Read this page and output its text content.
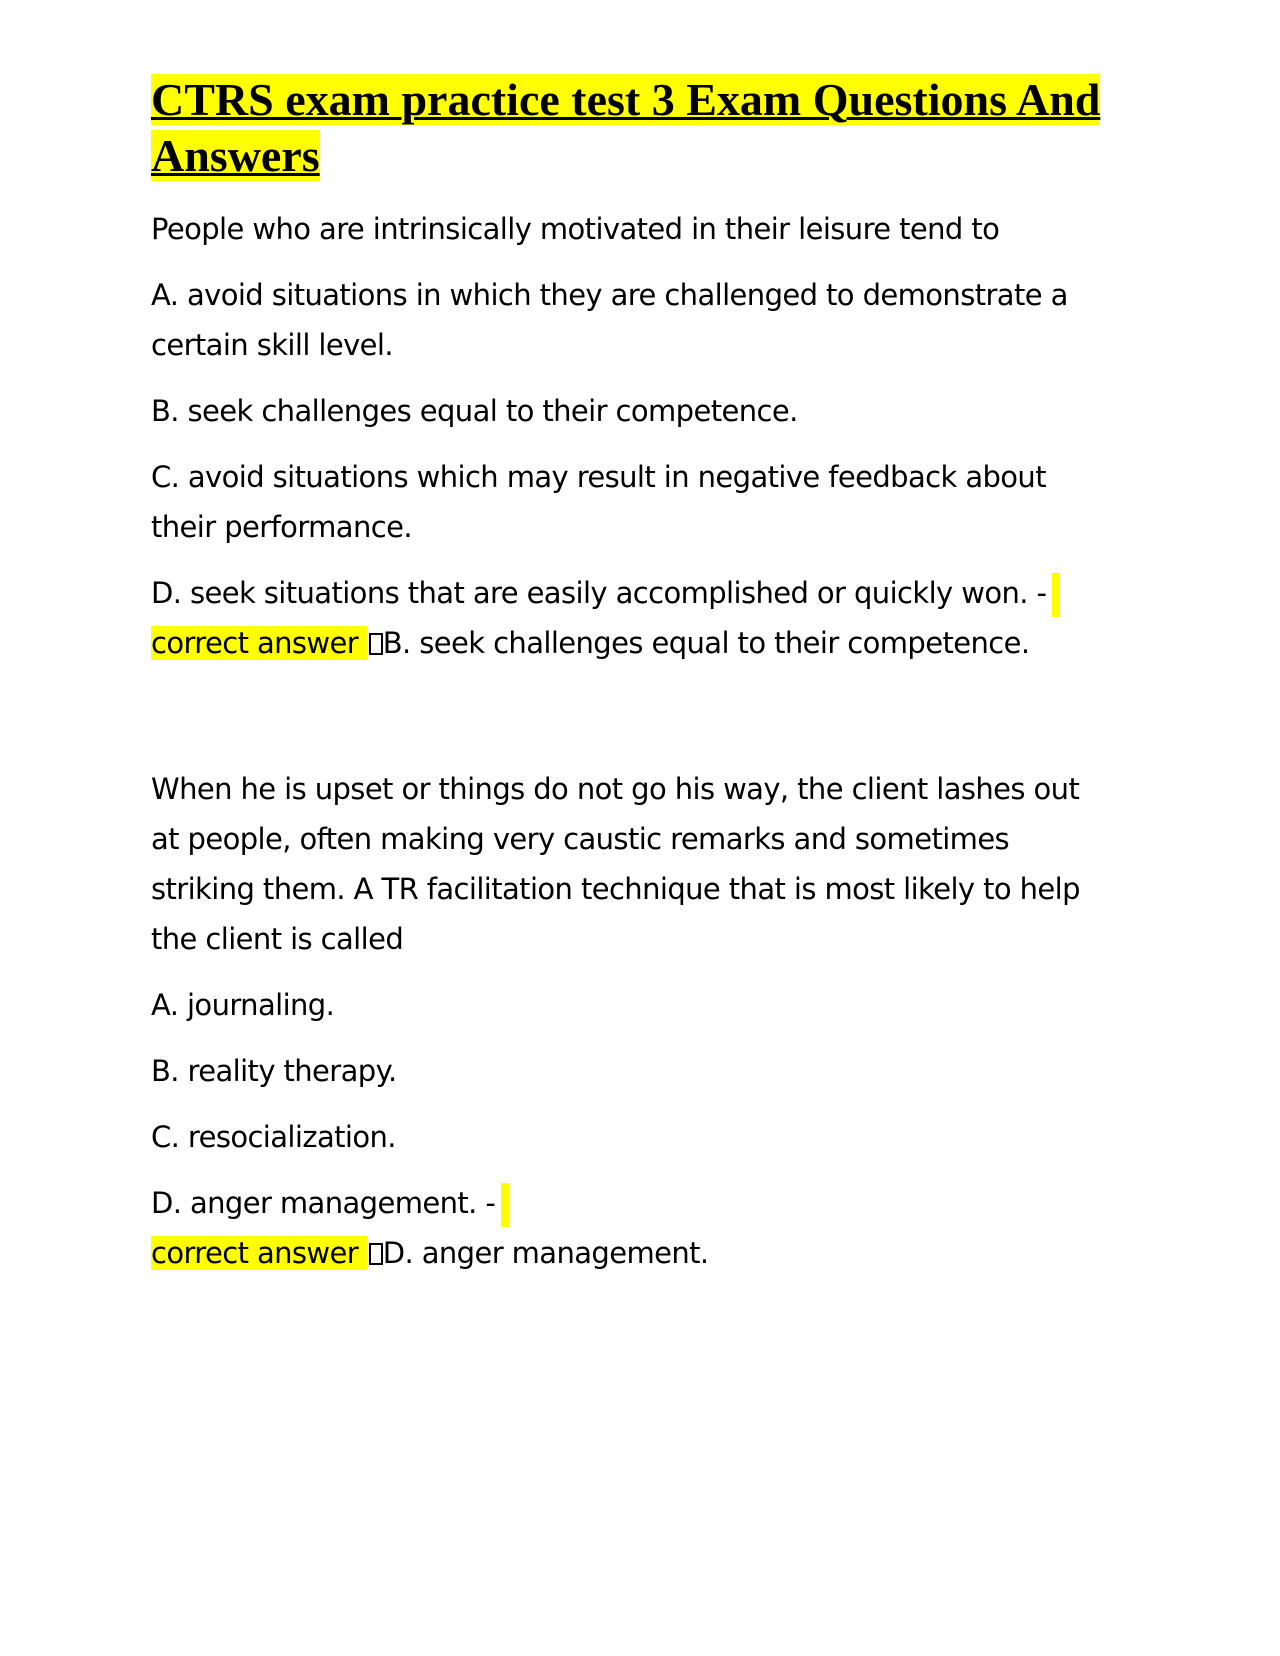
CTRS exam practice test 3 Exam Questions And Answers

People who are intrinsically motivated in their leisure tend to

A. avoid situations in which they are challenged to demonstrate a certain skill level.

B. seek challenges equal to their competence.

C. avoid situations which may result in negative feedback about their performance.

D. seek situations that are easily accomplished or quickly won. -

correct answer B. seek challenges equal to their competence.

When he is upset or things do not go his way, the client lashes out at people, often making very caustic remarks and sometimes striking them. A TR facilitation technique that is most likely to help the client is called

A. journaling.

B. reality therapy.

C. resocialization.

D. anger management. -

correct answer D. anger management.
